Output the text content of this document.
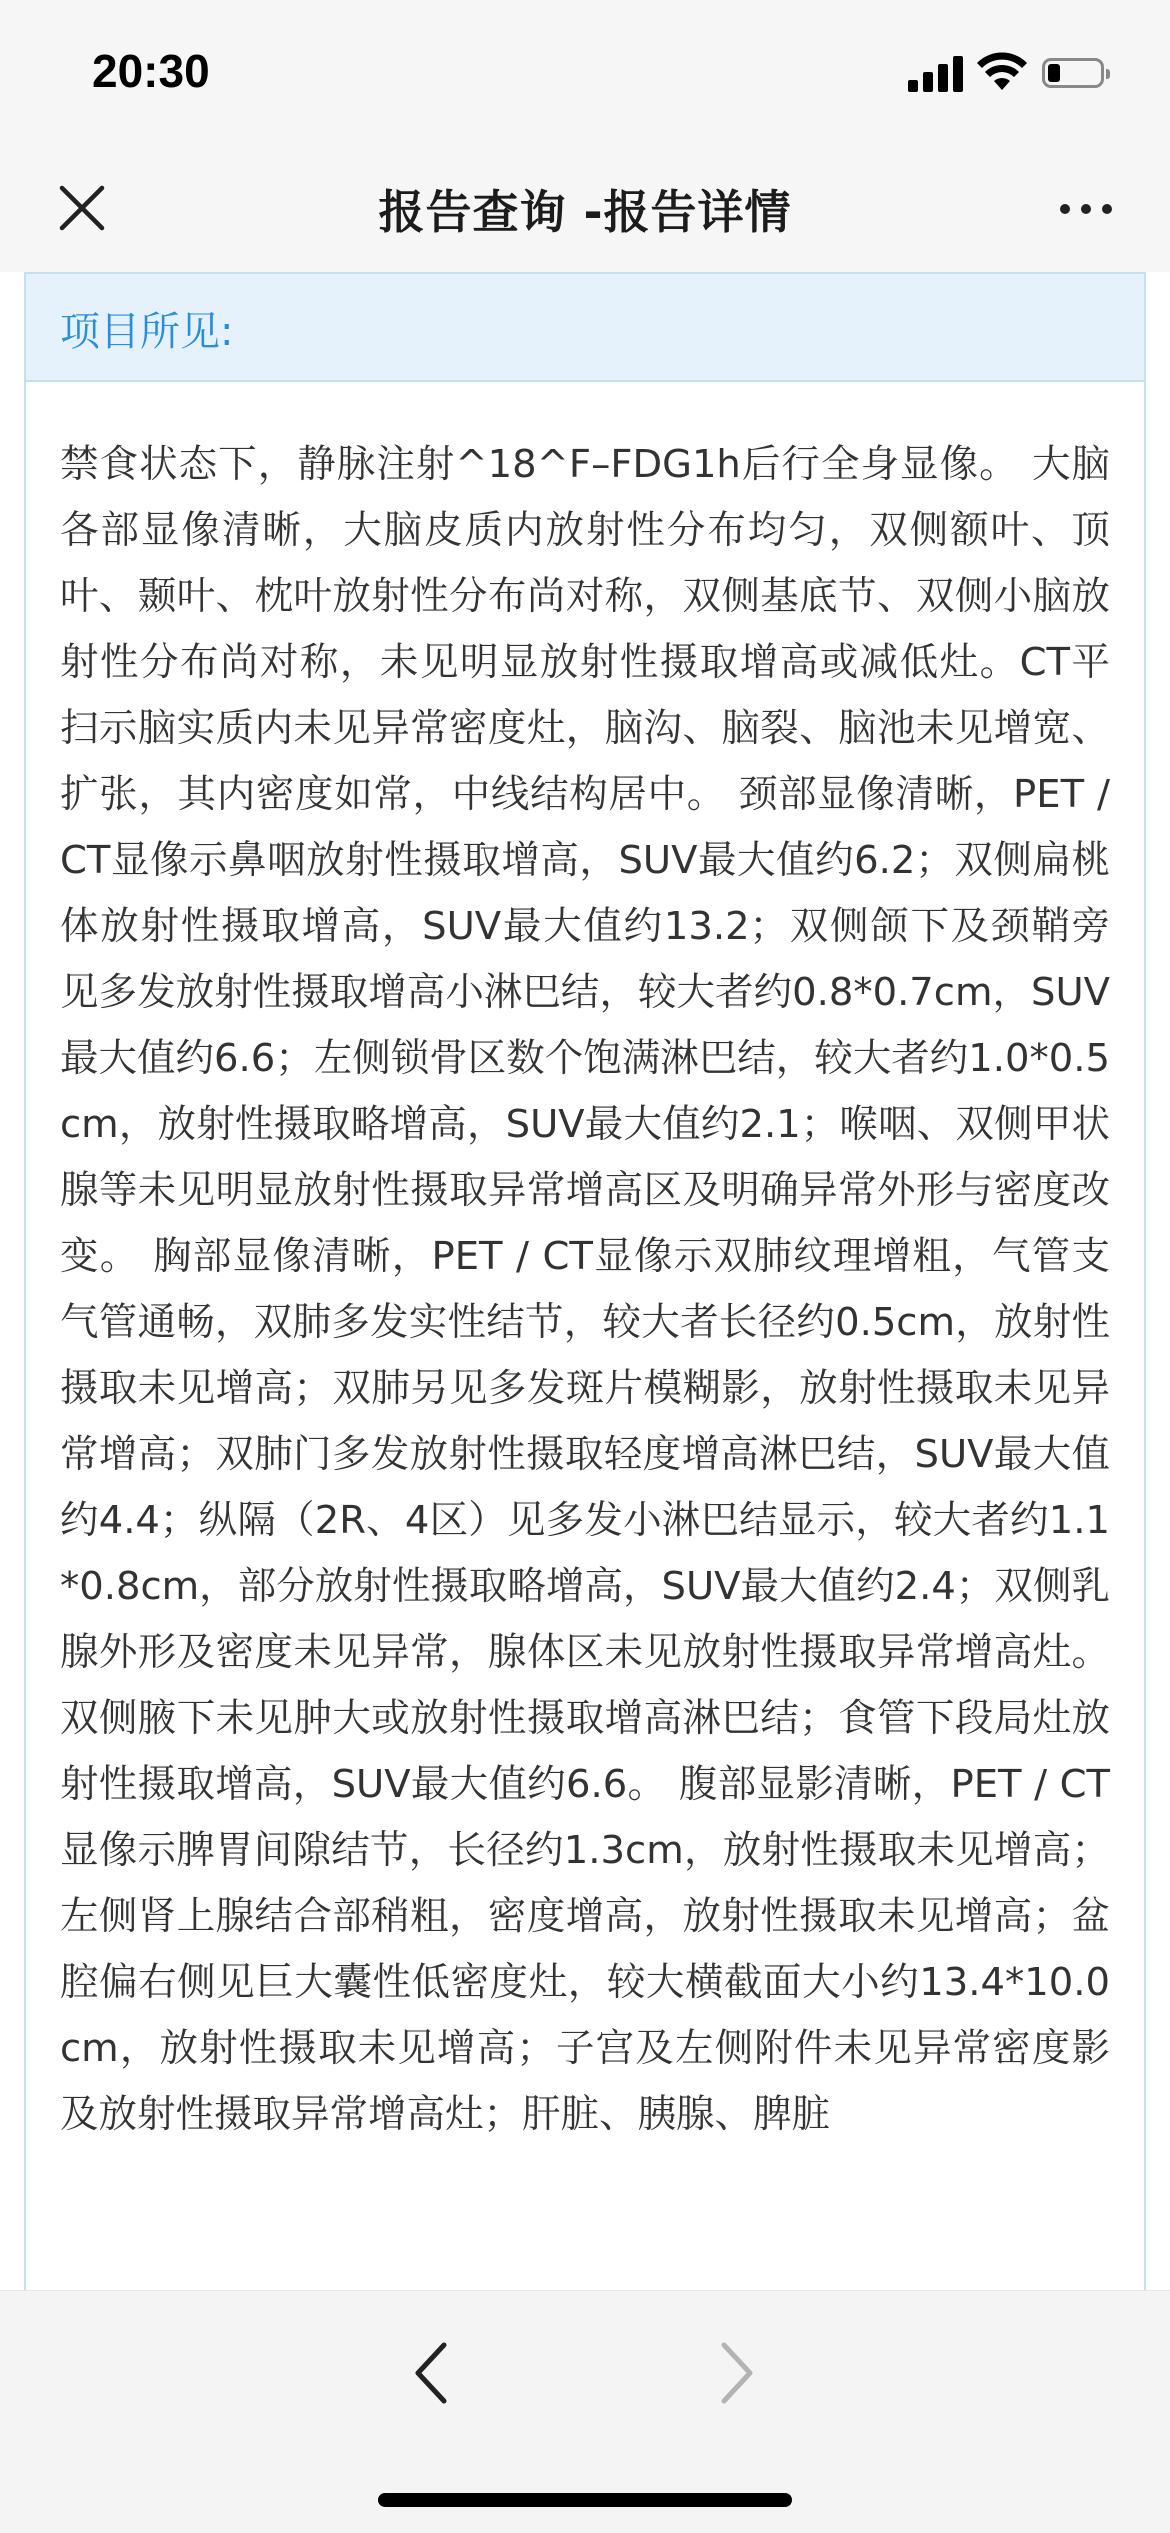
20:30
报告查询 -报告详情
项目所见:
禁食状态下，静脉注射^18^F–FDG1h后行全身显像。 大脑各部显像清晰，大脑皮质内放射性分布均匀，双侧额叶、顶叶、颞叶、枕叶放射性分布尚对称，双侧基底节、双侧小脑放射性分布尚对称，未见明显放射性摄取增高或减低灶。CT平扫示脑实质内未见异常密度灶，脑沟、脑裂、脑池未见增宽、扩张，其内密度如常，中线结构居中。 颈部显像清晰，PET / CT显像示鼻咽放射性摄取增高，SUV最大值约6.2；双侧扁桃体放射性摄取增高，SUV最大值约13.2；双侧颌下及颈鞘旁见多发放射性摄取增高小淋巴结，较大者约0.8*0.7cm，SUV最大值约6.6；左侧锁骨区数个饱满淋巴结，较大者约1.0*0.5cm，放射性摄取略增高，SUV最大值约2.1；喉咽、双侧甲状腺等未见明显放射性摄取异常增高区及明确异常外形与密度改变。 胸部显像清晰，PET / CT显像示双肺纹理增粗，气管支气管通畅，双肺多发实性结节，较大者长径约0.5cm，放射性摄取未见增高；双肺另见多发斑片模糊影，放射性摄取未见异常增高；双肺门多发放射性摄取轻度增高淋巴结，SUV最大值约4.4；纵隔（2R、4区）见多发小淋巴结显示，较大者约1.1*0.8cm，部分放射性摄取略增高，SUV最大值约2.4；双侧乳腺外形及密度未见异常，腺体区未见放射性摄取异常增高灶。双侧腋下未见肿大或放射性摄取增高淋巴结；食管下段局灶放射性摄取增高，SUV最大值约6.6。 腹部显影清晰，PET / CT显像示脾胃间隙结节，长径约1.3cm，放射性摄取未见增高；左侧肾上腺结合部稍粗，密度增高，放射性摄取未见增高；盆腔偏右侧见巨大囊性低密度灶，较大横截面大小约13.4*10.0cm，放射性摄取未见增高；子宫及左侧附件未见异常密度影及放射性摄取异常增高灶；肝脏、胰腺、脾脏
